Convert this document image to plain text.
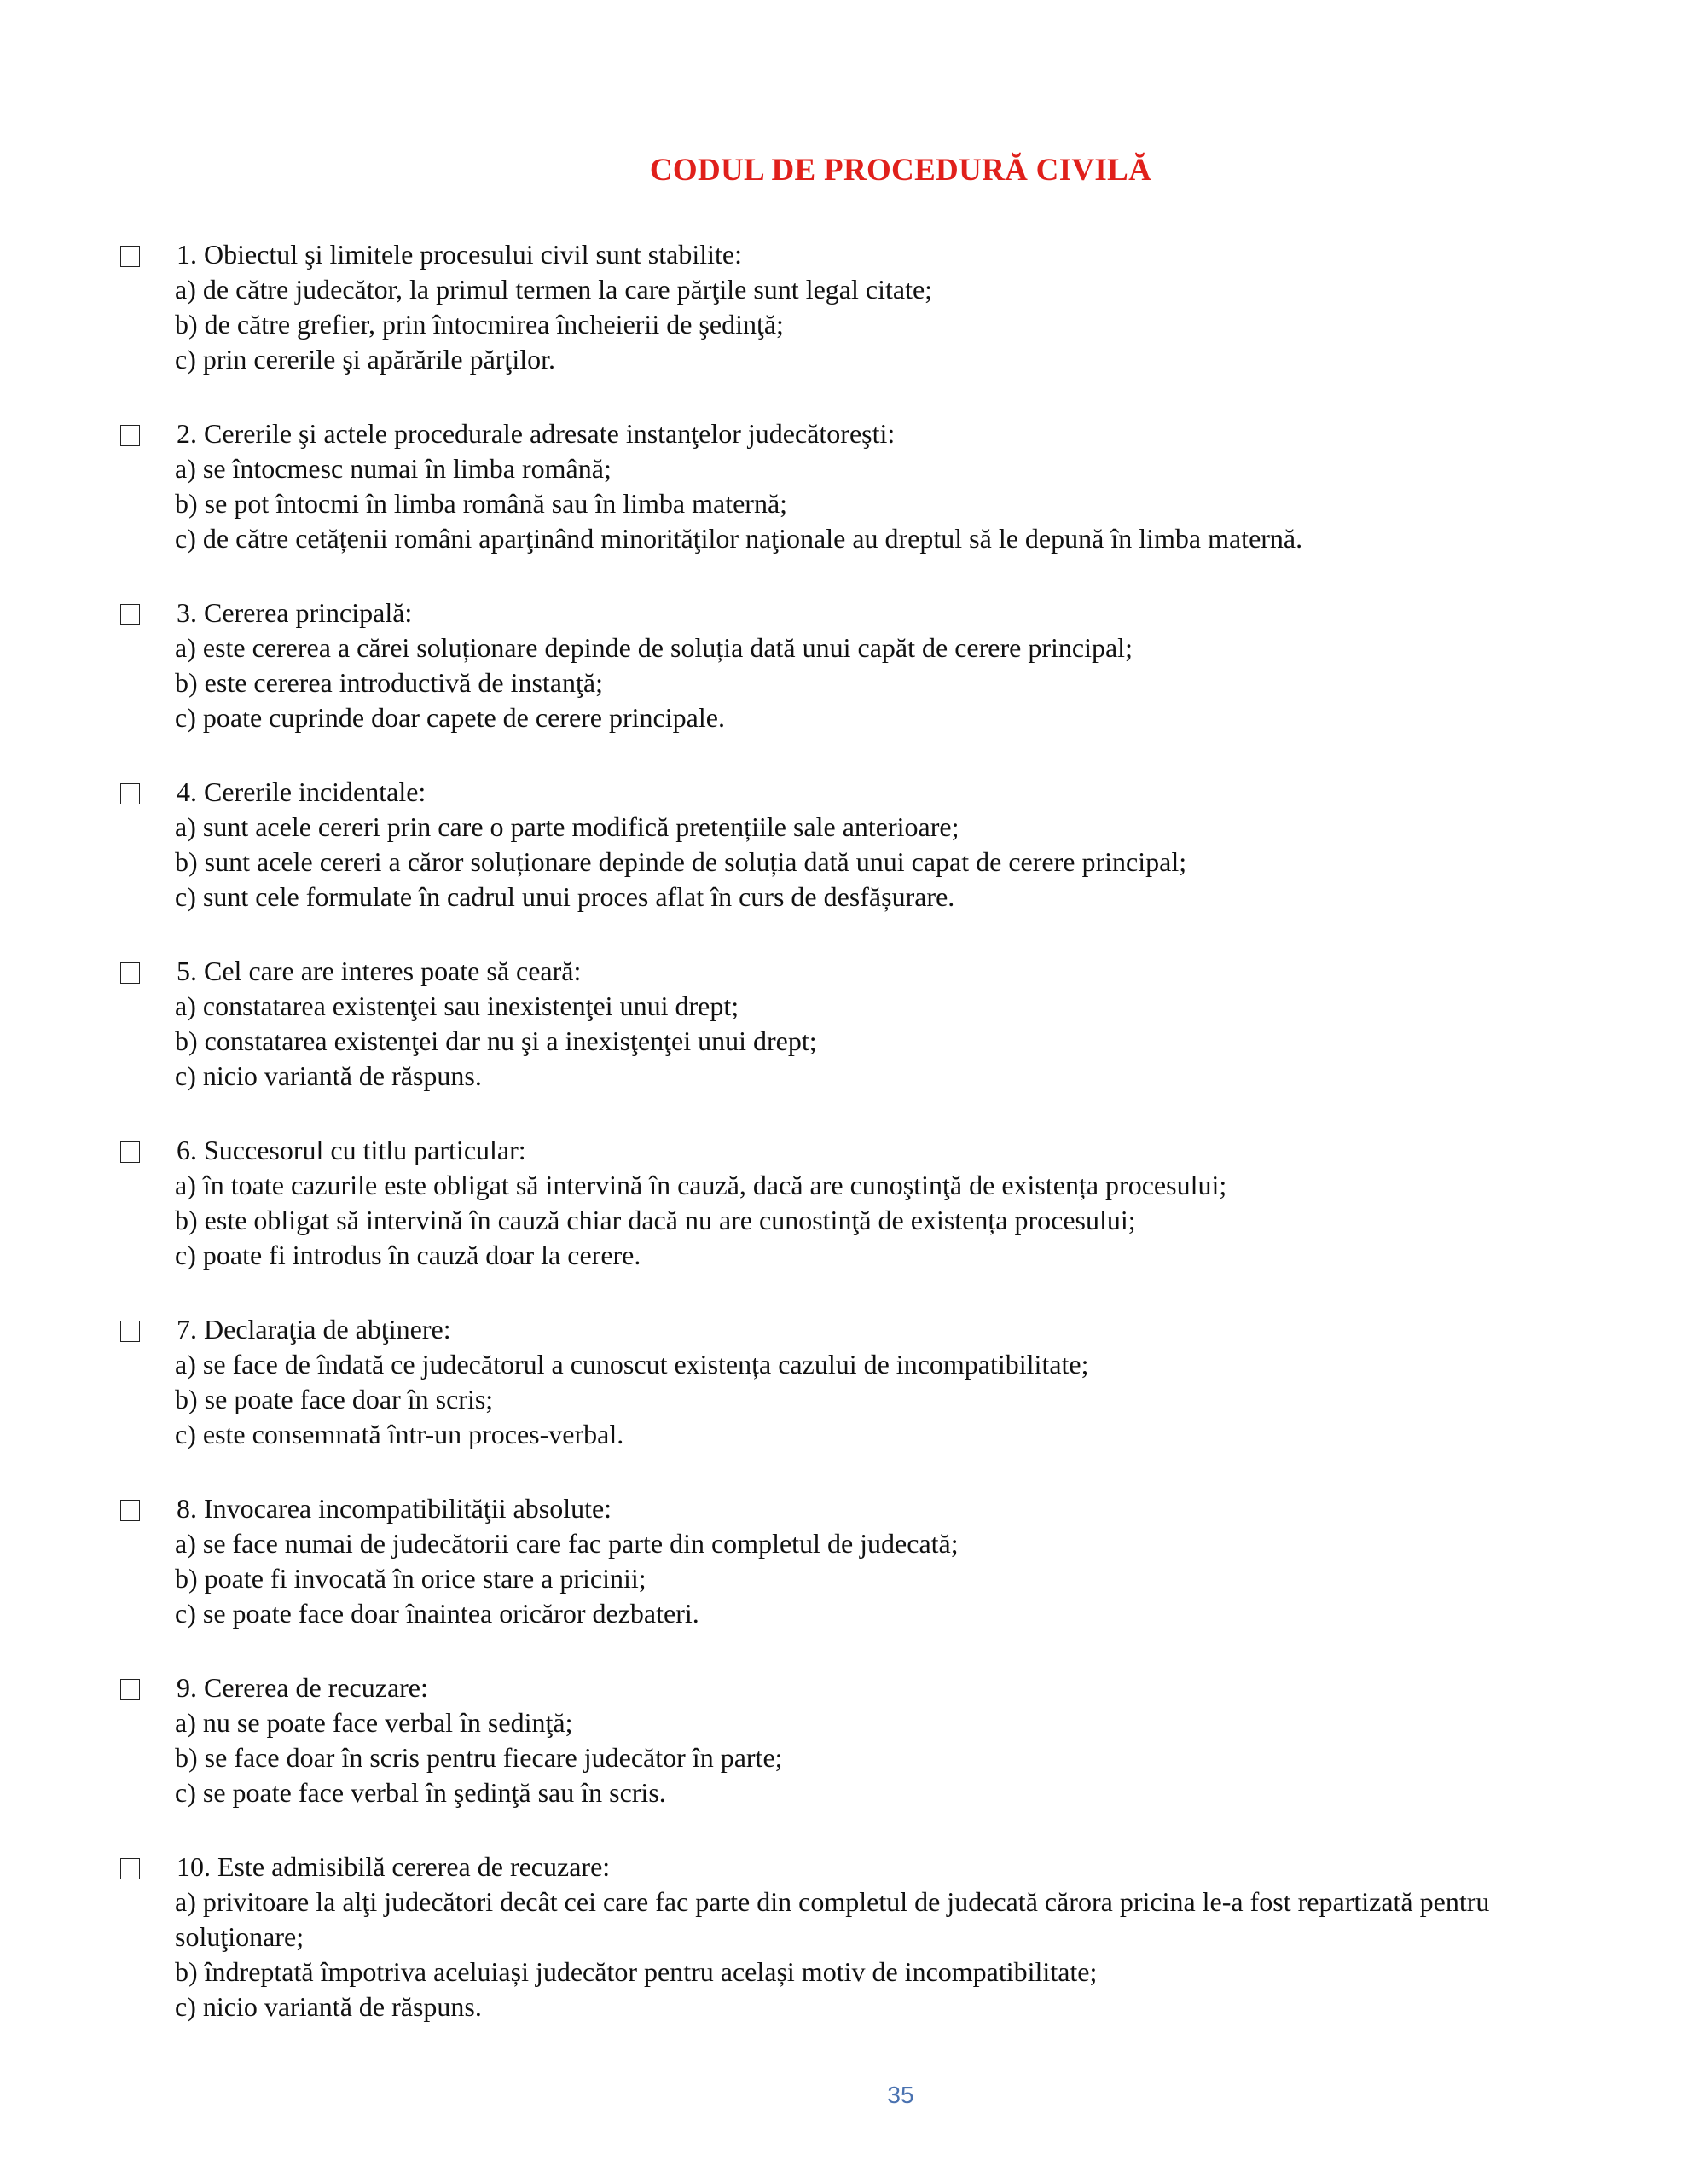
CODUL DE PROCEDURĂ CIVILĂ
1. Obiectul şi limitele procesului civil sunt stabilite:
a) de către judecător, la primul termen la care părţile sunt legal citate;
b) de către grefier, prin întocmirea încheierii de şedinţă;
c) prin cererile şi apărările părţilor.
2. Cererile şi actele procedurale adresate instanţelor judecătoreşti:
a) se întocmesc numai în limba română;
b) se pot întocmi în limba română sau în limba maternă;
c) de către cetățenii români aparţinând minorităţilor naţionale au dreptul să le depună în limba maternă.
3. Cererea principală:
a) este cererea a cărei soluționare depinde de soluția dată unui capăt de cerere principal;
b) este cererea introductivă de instanţă;
c) poate cuprinde doar capete de cerere principale.
4. Cererile incidentale:
a) sunt acele cereri prin care o parte modifică pretențiile sale anterioare;
b) sunt acele cereri a căror soluționare depinde de soluția dată unui capat de cerere principal;
c) sunt cele formulate în cadrul unui proces aflat în curs de desfășurare.
5. Cel care are interes poate să ceară:
a) constatarea existenţei sau inexistenţei unui drept;
b) constatarea existenţei dar nu şi a inexisţenţei unui drept;
c) nicio variantă de răspuns.
6. Succesorul cu titlu particular:
a) în toate cazurile este obligat să intervină în cauză, dacă are cunoştinţă de existența procesului;
b) este obligat să intervină în cauză chiar dacă nu are cunostinţă de existența procesului;
c) poate fi introdus în cauză doar la cerere.
7. Declaraţia de abţinere:
a) se face de îndată ce judecătorul a cunoscut existența cazului de incompatibilitate;
b) se poate face doar în scris;
c) este consemnată într-un proces-verbal.
8. Invocarea incompatibilităţii absolute:
a) se face numai de judecătorii care fac parte din completul de judecată;
b) poate fi invocată în orice stare a pricinii;
c) se poate face doar înaintea oricăror dezbateri.
9. Cererea de recuzare:
a) nu se poate face verbal în sedinţă;
b) se face doar în scris pentru fiecare judecător în parte;
c) se poate face verbal în şedinţă sau în scris.
10. Este admisibilă cererea de recuzare:
a) privitoare la alţi judecători decât cei care fac parte din completul de judecată cărora pricina le-a fost repartizată pentru soluţionare;
b) îndreptată împotriva aceluiași judecător pentru același motiv de incompatibilitate;
c) nicio variantă de răspuns.
35
